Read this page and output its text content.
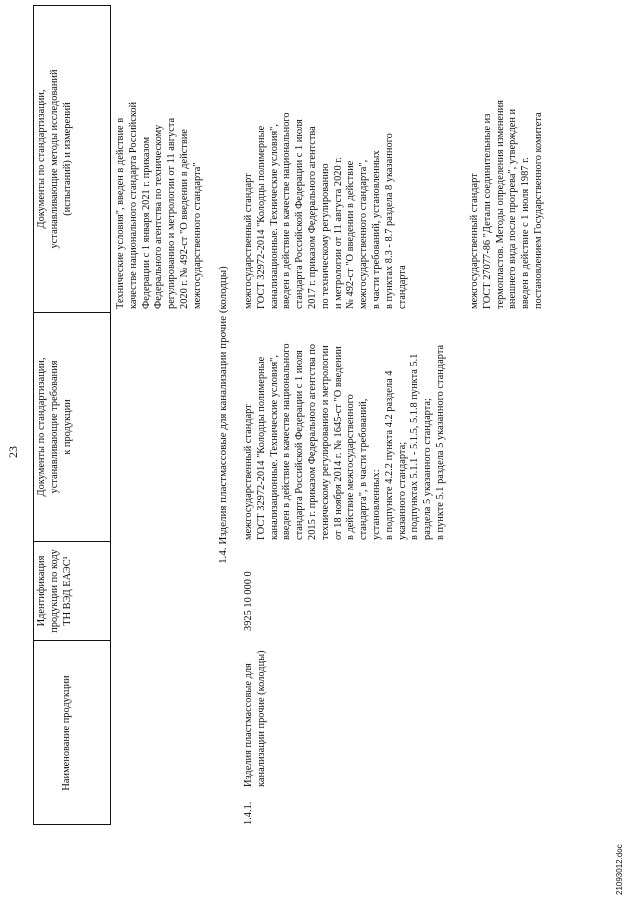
23
Наименование продукции
Идентификация продукции по коду ТН ВЭД ЕАЭС¹
Документы по стандартизации, устанавливающие требования к продукции
Документы по стандартизации, устанавливающие методы исследований (испытаний) и измерений	Технические условия", введен в действие в качестве национального стандарта Российской Федерации с 1 января 2021 г. приказом Федерального агентства по техническому регулированию и метрологии от 11 августа 2020 г. № 492-ст "О введении в действие межгосударственного стандарта"
1.4. Изделия пластмассовые для канализации прочие (колодцы)
1.4.1.
Изделия пластмассовые для канализации прочие (колодцы)
3925 10 000 0
межгосударственный стандарт ГОСТ 32972-2014 "Колодцы полимерные канализационные. Технические условия", введен в действие в качестве национального стандарта Российской Федерации с 1 июля 2015 г. приказом Федерального агентства по техническому регулированию и метрологии от 18 ноября 2014 г. № 1645-ст "О введении в действие межгосударственного стандарта", в части требований, установленных: в подпункте 4.2.2 пункта 4.2 раздела 4 указанного стандарта; в подпунктах 5.1.1 - 5.1.5, 5.1.8 пункта 5.1 раздела 5 указанного стандарта; в пункте 5.1 раздела 5 указанного стандарта
межгосударственный стандарт ГОСТ 32972-2014 "Колодцы полимерные канализационные. Технические условия", введен в действие в качестве национального стандарта Российской Федерации с 1 июля 2017 г. приказом Федерального агентства по техническому регулированию и метрологии от 11 августа 2020 г. № 492-ст "О введении в действие межгосударственного стандарта", в части требований, установленных в пунктах 8.3 - 8.7 раздела 8 указанного стандарта	межгосударственный стандарт ГОСТ 27077-86 "Детали соединительные из термопластов. Методы определения изменения внешнего вида после прогрева", утвержден и введен в действие с 1 июля 1987 г. постановлением Государственного комитета
21093012.doc
